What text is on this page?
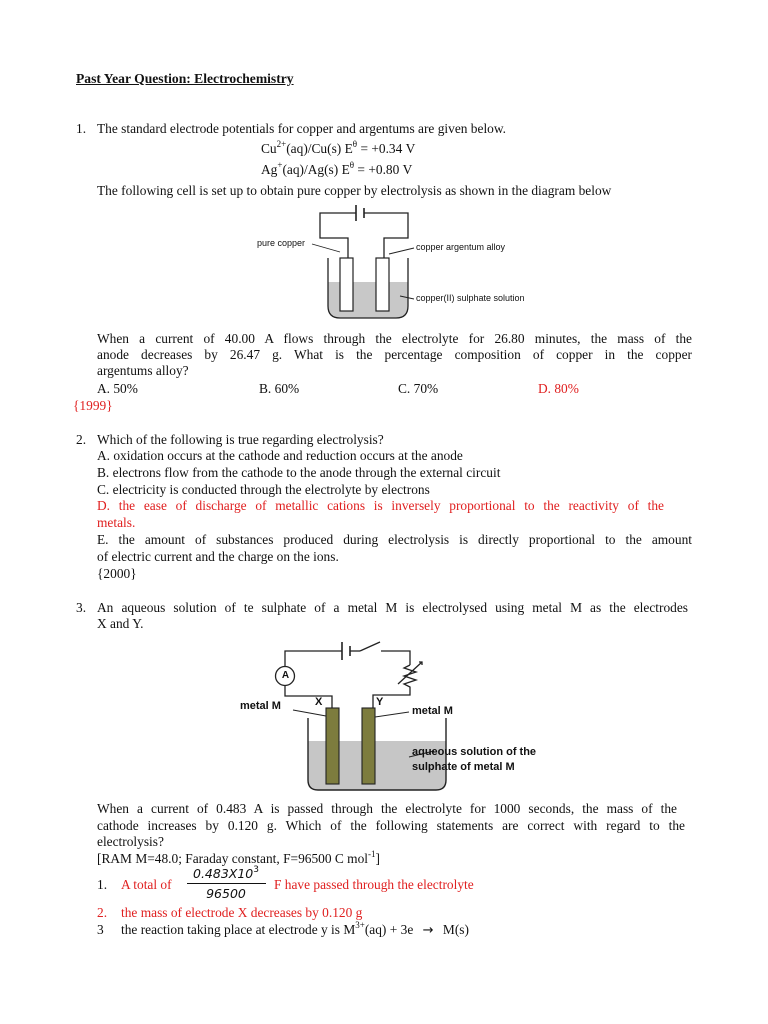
Past Year Question: Electrochemistry
1. The standard electrode potentials for copper and argentums are given below.
$Cu^{2+}(aq)/Cu(s) E^\theta = +0.34$ V
Ag+(aq)/Ag(s) $E^\theta = +0.80$ V
The following cell is set up to obtain pure copper by electrolysis as shown in the diagram below
pure copper	copper argentum alloy
copper(II) sulphate solution
When a current of 40.00 A flows through the electrolyte for 26.80 minutes, the mass of the
anode decreases by 26.47 g. What is the percentage composition of copper in the copper
argentums alloy?
A. 50%	B. 60%	C. 70%	D. 80%
{1999}
2. Which of the following is true regarding electrolysis?
A. oxidation occurs at the cathode and reduction occurs at the anode
B. electrons flow from the cathode to the anode through the external circuit
C. electricity is conducted through the electrolyte by electrons
D. the ease of discharge of metallic cations is inversely proportional to the reactivity of the
metals.
E. the amount of substances produced during electrolysis is directly proportional to the amount
of electric current and the charge on the ions.
{2000}
3. An aqueous solution of te sulphate of a metal M is electrolysed using metal M as the electrodes
X and Y.
A
X	Y
metal M	metal M
aqueous solution of the
sulphate of metal M
When a current of 0.483 A is passed through the electrolyte for 1000 seconds, the mass of the
cathode increases by 0.120 g. Which of the following statements are correct with regard to the
electrolysis?
[RAM M=48.0; Faraday constant, F=96500 C mol$^{-1}$]
1. A total of
$0.483X10^3$
96500
F have passed through the electrolyte
2. the mass of electrode X decreases by 0.120 g
3 the reaction taking place at electrode y is $M^{3+}(aq) + 3e \to M(s)$
